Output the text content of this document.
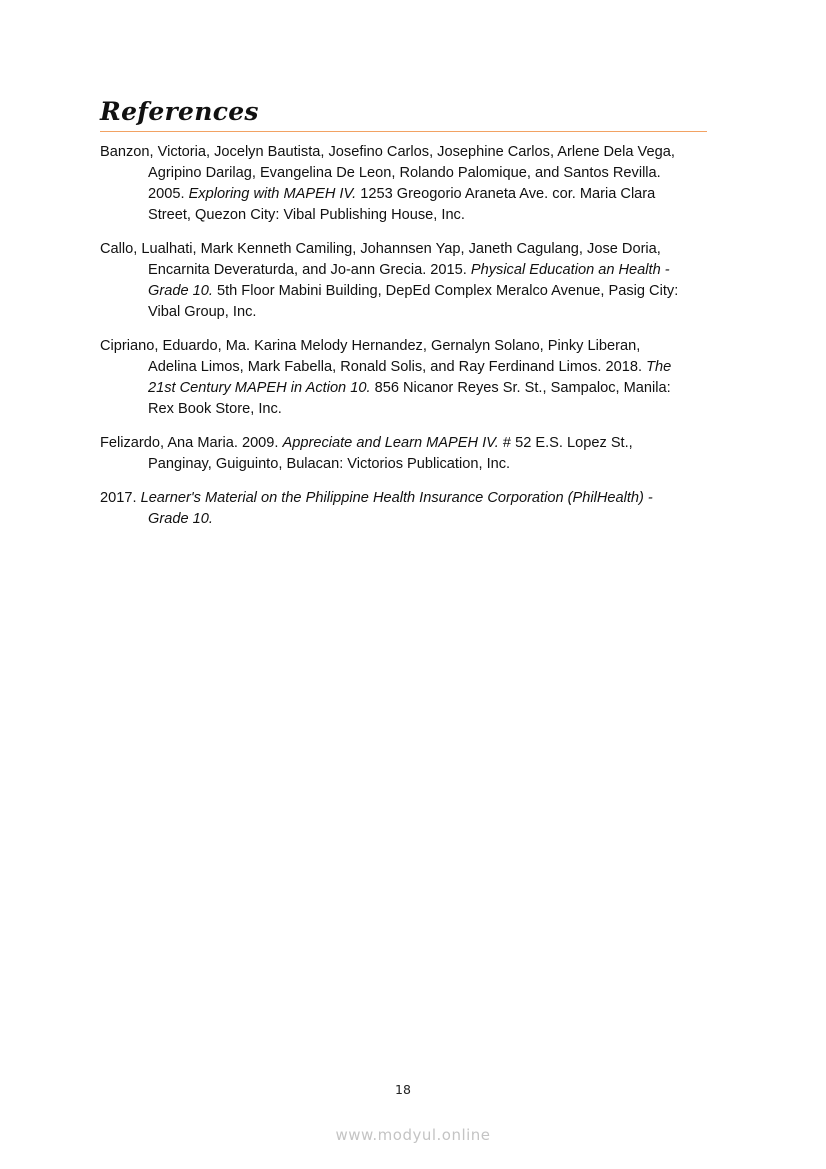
References
Banzon, Victoria, Jocelyn Bautista, Josefino Carlos, Josephine Carlos, Arlene Dela Vega,
Agripino Darilag, Evangelina De Leon, Rolando Palomique, and Santos Revilla.
2005. Exploring with MAPEH IV. 1253 Greogorio Araneta Ave. cor. Maria Clara
Street, Quezon City: Vibal Publishing House, Inc.
Callo, Lualhati, Mark Kenneth Camiling, Johannsen Yap, Janeth Cagulang, Jose Doria,
Encarnita Deveraturda, and Jo-ann Grecia. 2015. Physical Education an Health -
Grade 10. 5th Floor Mabini Building, DepEd Complex Meralco Avenue, Pasig City:
Vibal Group, Inc.
Cipriano, Eduardo, Ma. Karina Melody Hernandez, Gernalyn Solano, Pinky Liberan,
Adelina Limos, Mark Fabella, Ronald Solis, and Ray Ferdinand Limos. 2018. The
21st Century MAPEH in Action 10. 856 Nicanor Reyes Sr. St., Sampaloc, Manila:
Rex Book Store, Inc.
Felizardo, Ana Maria. 2009. Appreciate and Learn MAPEH IV. # 52 E.S. Lopez St.,
Panginay, Guiguinto, Bulacan: Victorios Publication, Inc.
2017. Learner's Material on the Philippine Health Insurance Corporation (PhilHealth) -
Grade 10.
18
www.modyul.online
